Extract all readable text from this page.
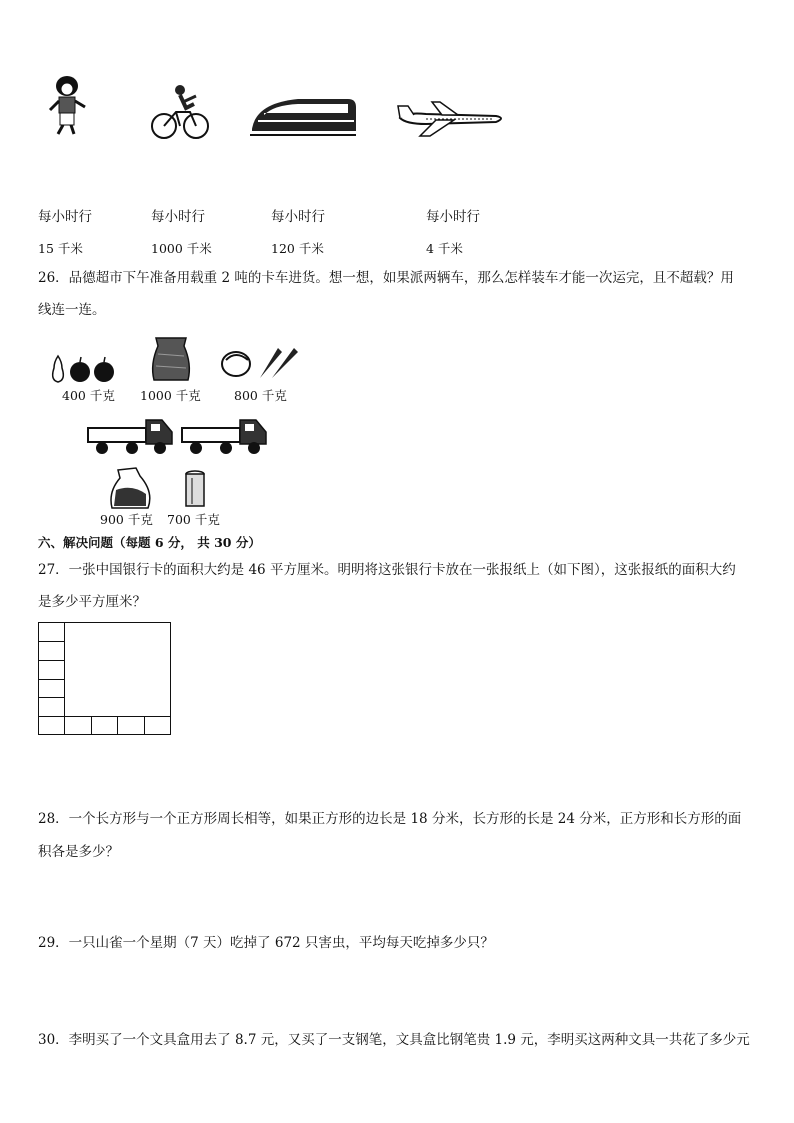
每小时行	每小时行	每小时行	每小时行
15 千米	1000 千米	120 千米	4 千米
26．品德超市下午准备用载重 2 吨的卡车进货。想一想，如果派两辆车，那么怎样装车才能一次运完，且不超载？用
线连一连。
400 千克 1000 千克	800 千克
900 千克 700 千克
六、解决问题（每题 6 分， 共 30 分）
27．一张中国银行卡的面积大约是 46 平方厘米。明明将这张银行卡放在一张报纸上（如下图），这张报纸的面积大约
是多少平方厘米？
28．一个长方形与一个正方形周长相等，如果正方形的边长是 18 分米，长方形的长是 24 分米，正方形和长方形的面
积各是多少？
29．一只山雀一个星期（7 天）吃掉了 672 只害虫，平均每天吃掉多少只？
30．李明买了一个文具盒用去了 8.7 元，又买了一支钢笔，文具盒比钢笔贵 1.9 元，李明买这两种文具一共花了多少元
